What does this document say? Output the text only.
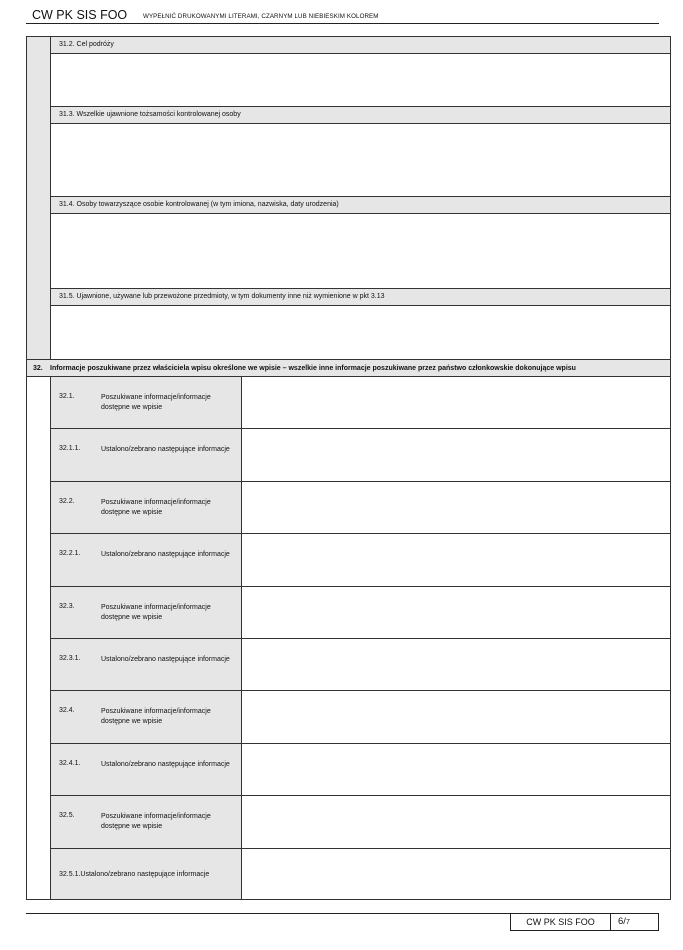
CW PK SIS FOO	WYPEŁNIĆ DRUKOWANYMI LITERAMI, CZARNYM LUB NIEBIESKIM KOLOREM
31.2. Cel podróży
31.3. Wszelkie ujawnione tożsamości kontrolowanej osoby
31.4. Osoby towarzyszące osobie kontrolowanej (w tym imiona, nazwiska, daty urodzenia)
31.5. Ujawnione, używane lub przewożone przedmioty, w tym dokumenty inne niż wymienione w pkt 3.13
32. Informacje poszukiwane przez właściciela wpisu określone we wpisie – wszelkie inne informacje poszukiwane przez państwo członkowskie dokonujące wpisu
32.1.	Poszukiwane informacje/informacje dostępne we wpisie
32.1.1.	Ustalono/zebrano następujące informacje
32.2.	Poszukiwane informacje/informacje dostępne we wpisie
32.2.1.	Ustalono/zebrano następujące informacje
32.3.	Poszukiwane informacje/informacje dostępne we wpisie
32.3.1.	Ustalono/zebrano następujące informacje
32.4.	Poszukiwane informacje/informacje dostępne we wpisie
32.4.1.	Ustalono/zebrano następujące informacje
32.5.	Poszukiwane informacje/informacje dostępne we wpisie
32.5.1.Ustalono/zebrano następujące informacje
CW PK SIS FOO	6/7
